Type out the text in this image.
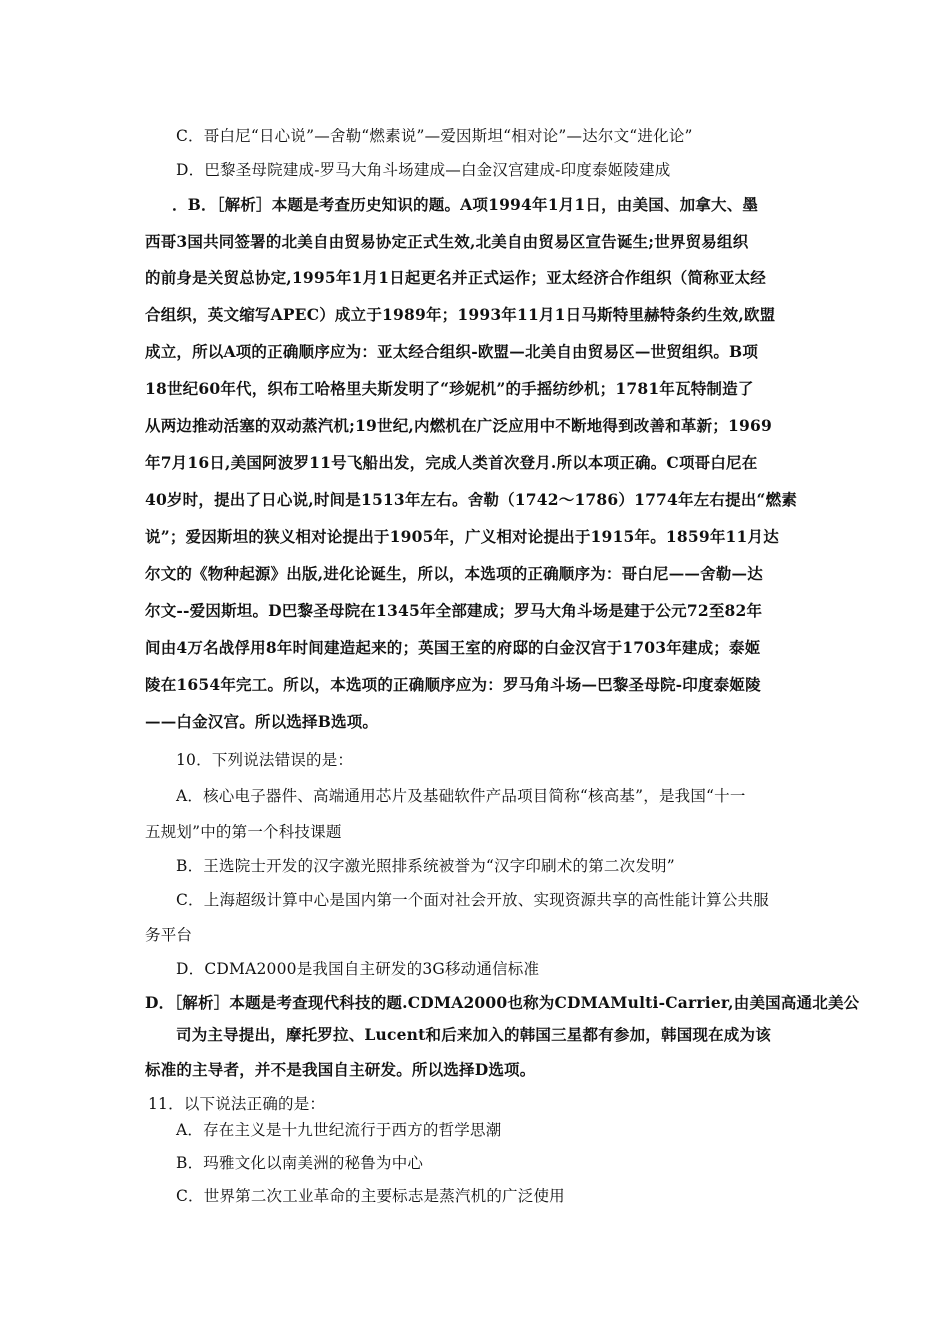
C．哥白尼“日心说”—舍勒“燃素说”—爱因斯坦“相对论”—达尔文“进化论”
D．巴黎圣母院建成-罗马大角斗场建成—白金汉宫建成-印度泰姬陵建成
．B．［解析］本题是考查历史知识的题。A项1994年1月1日，由美国、加拿大、墨
西哥3国共同签署的北美自由贸易协定正式生效,北美自由贸易区宣告诞生;世界贸易组织
的前身是关贸总协定,1995年1月1日起更名并正式运作；亚太经济合作组织（简称亚太经
合组织，英文缩写APEC）成立于1989年；1993年11月1日马斯特里赫特条约生效,欧盟
成立，所以A项的正确顺序应为：亚太经合组织-欧盟—北美自由贸易区—世贸组织。B项
18世纪60年代，织布工哈格里夫斯发明了“珍妮机”的手摇纺纱机；1781年瓦特制造了
从两边推动活塞的双动蒸汽机;19世纪,内燃机在广泛应用中不断地得到改善和革新；1969
年7月16日,美国阿波罗11号飞船出发，完成人类首次登月.所以本项正确。C项哥白尼在
40岁时，提出了日心说,时间是1513年左右。舍勒（1742～1786）1774年左右提出“燃素
说”；爱因斯坦的狭义相对论提出于1905年，广义相对论提出于1915年。1859年11月达
尔文的《物种起源》出版,进化论诞生，所以，本选项的正确顺序为：哥白尼——舍勒—达
尔文--爱因斯坦。D巴黎圣母院在1345年全部建成；罗马大角斗场是建于公元72至82年
间由4万名战俘用8年时间建造起来的；英国王室的府邸的白金汉宫于1703年建成；泰姬
陵在1654年完工。所以，本选项的正确顺序应为：罗马角斗场—巴黎圣母院-印度泰姬陵
——白金汉宫。所以选择B选项。
10．下列说法错误的是：
A．核心电子器件、高端通用芯片及基础软件产品项目简称“核高基”，是我国“十一
五规划”中的第一个科技课题
B．王选院士开发的汉字激光照排系统被誉为“汉字印刷术的第二次发明”
C．上海超级计算中心是国内第一个面对社会开放、实现资源共享的高性能计算公共服
务平台
D．CDMA2000是我国自主研发的3G移动通信标准
D．［解析］本题是考查现代科技的题.CDMA2000也称为CDMAMulti-Carrier,由美国高通北美公
司为主导提出，摩托罗拉、Lucent和后来加入的韩国三星都有参加，韩国现在成为该
标准的主导者，并不是我国自主研发。所以选择D选项。
11．以下说法正确的是：
A．存在主义是十九世纪流行于西方的哲学思潮
B．玛雅文化以南美洲的秘鲁为中心
C．世界第二次工业革命的主要标志是蒸汽机的广泛使用
